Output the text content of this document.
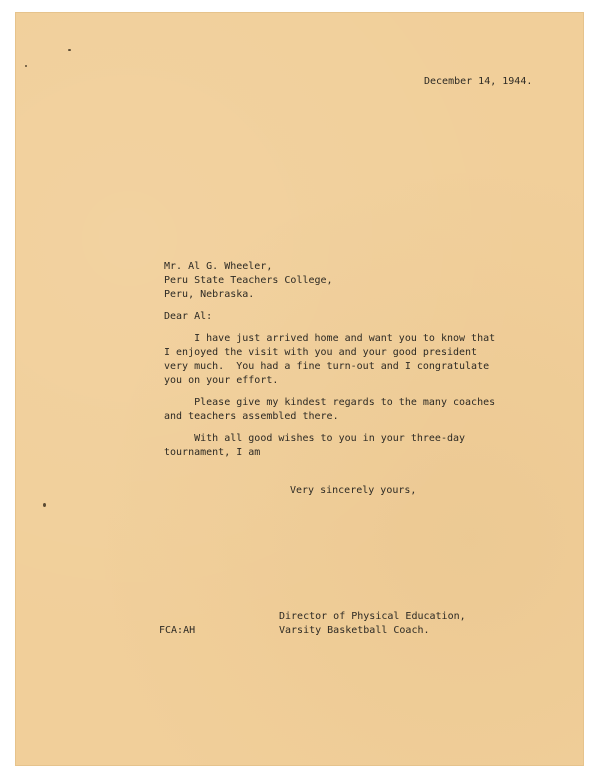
December 14, 1944.
Mr. Al G. Wheeler,
Peru State Teachers College,
Peru, Nebraska.
Dear Al:
I have just arrived home and want you to know that
I enjoyed the visit with you and your good president
very much.  You had a fine turn-out and I congratulate
you on your effort.
Please give my kindest regards to the many coaches
and teachers assembled there.
With all good wishes to you in your three-day
tournament, I am
Very sincerely yours,
Director of Physical Education,
Varsity Basketball Coach.
FCA:AH
